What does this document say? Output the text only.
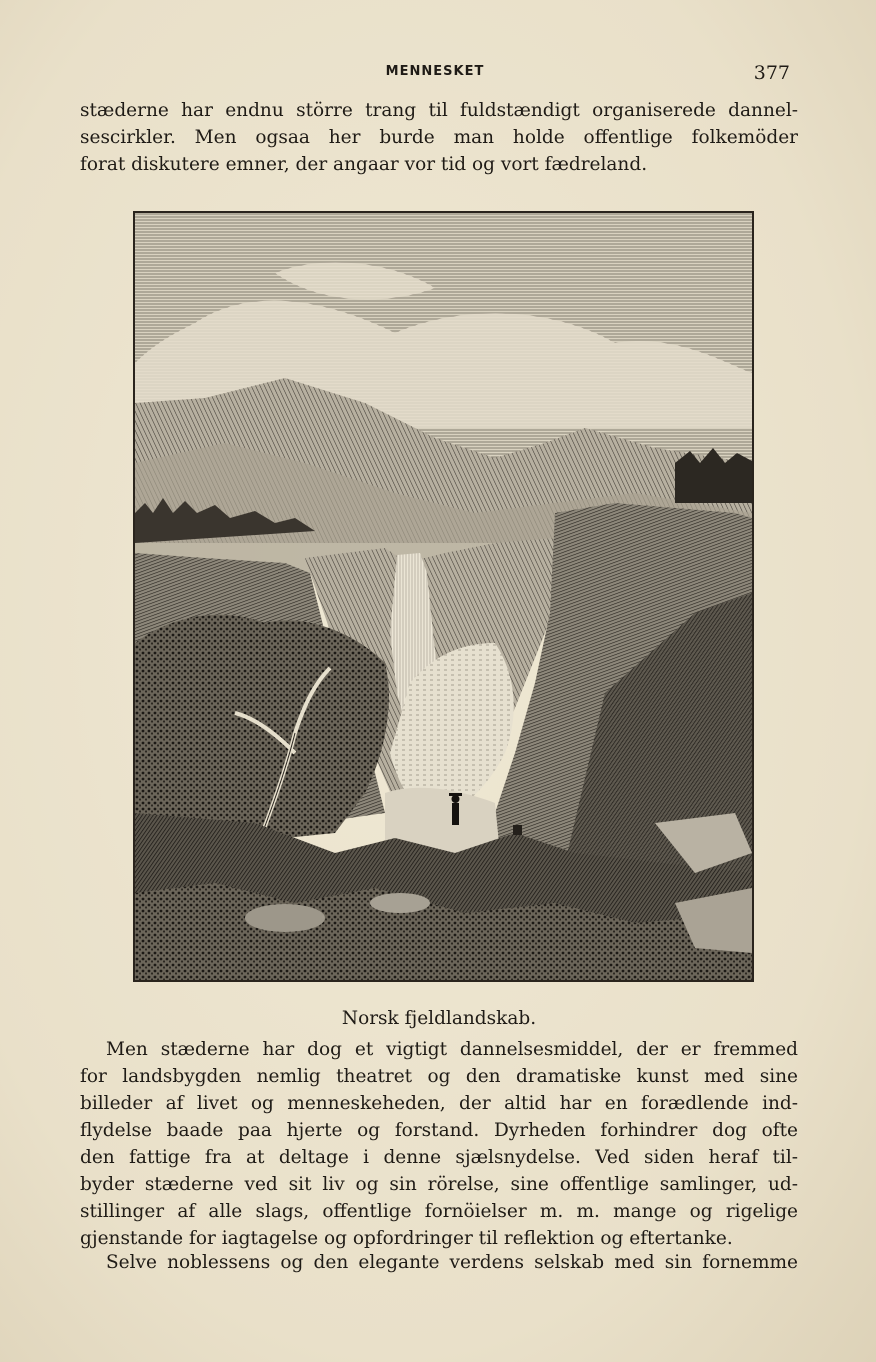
MENNESKET	377

stæderne har endnu större trang til fuldstændigt organiserede dannel-
sescirkler. Men ogsaa her burde man holde offentlige folkemöder
forat diskutere emner, der angaar vor tid og vort fædreland.

Norsk fjeldlandskab.

Men stæderne har dog et vigtigt dannelsesmiddel, der er fremmed
for landsbygden nemlig theatret og den dramatiske kunst med sine
billeder af livet og menneskeheden, der altid har en forædlende ind-
flydelse baade paa hjerte og forstand. Dyrheden forhindrer dog ofte
den fattige fra at deltage i denne sjælsnydelse. Ved siden heraf til-
byder stæderne ved sit liv og sin rörelse, sine offentlige samlinger, ud-
stillinger af alle slags, offentlige fornöielser m. m. mange og rigelige
gjenstande for iagtagelse og opfordringer til reflektion og eftertanke.

Selve noblessens og den elegante verdens selskab med sin fornemme
